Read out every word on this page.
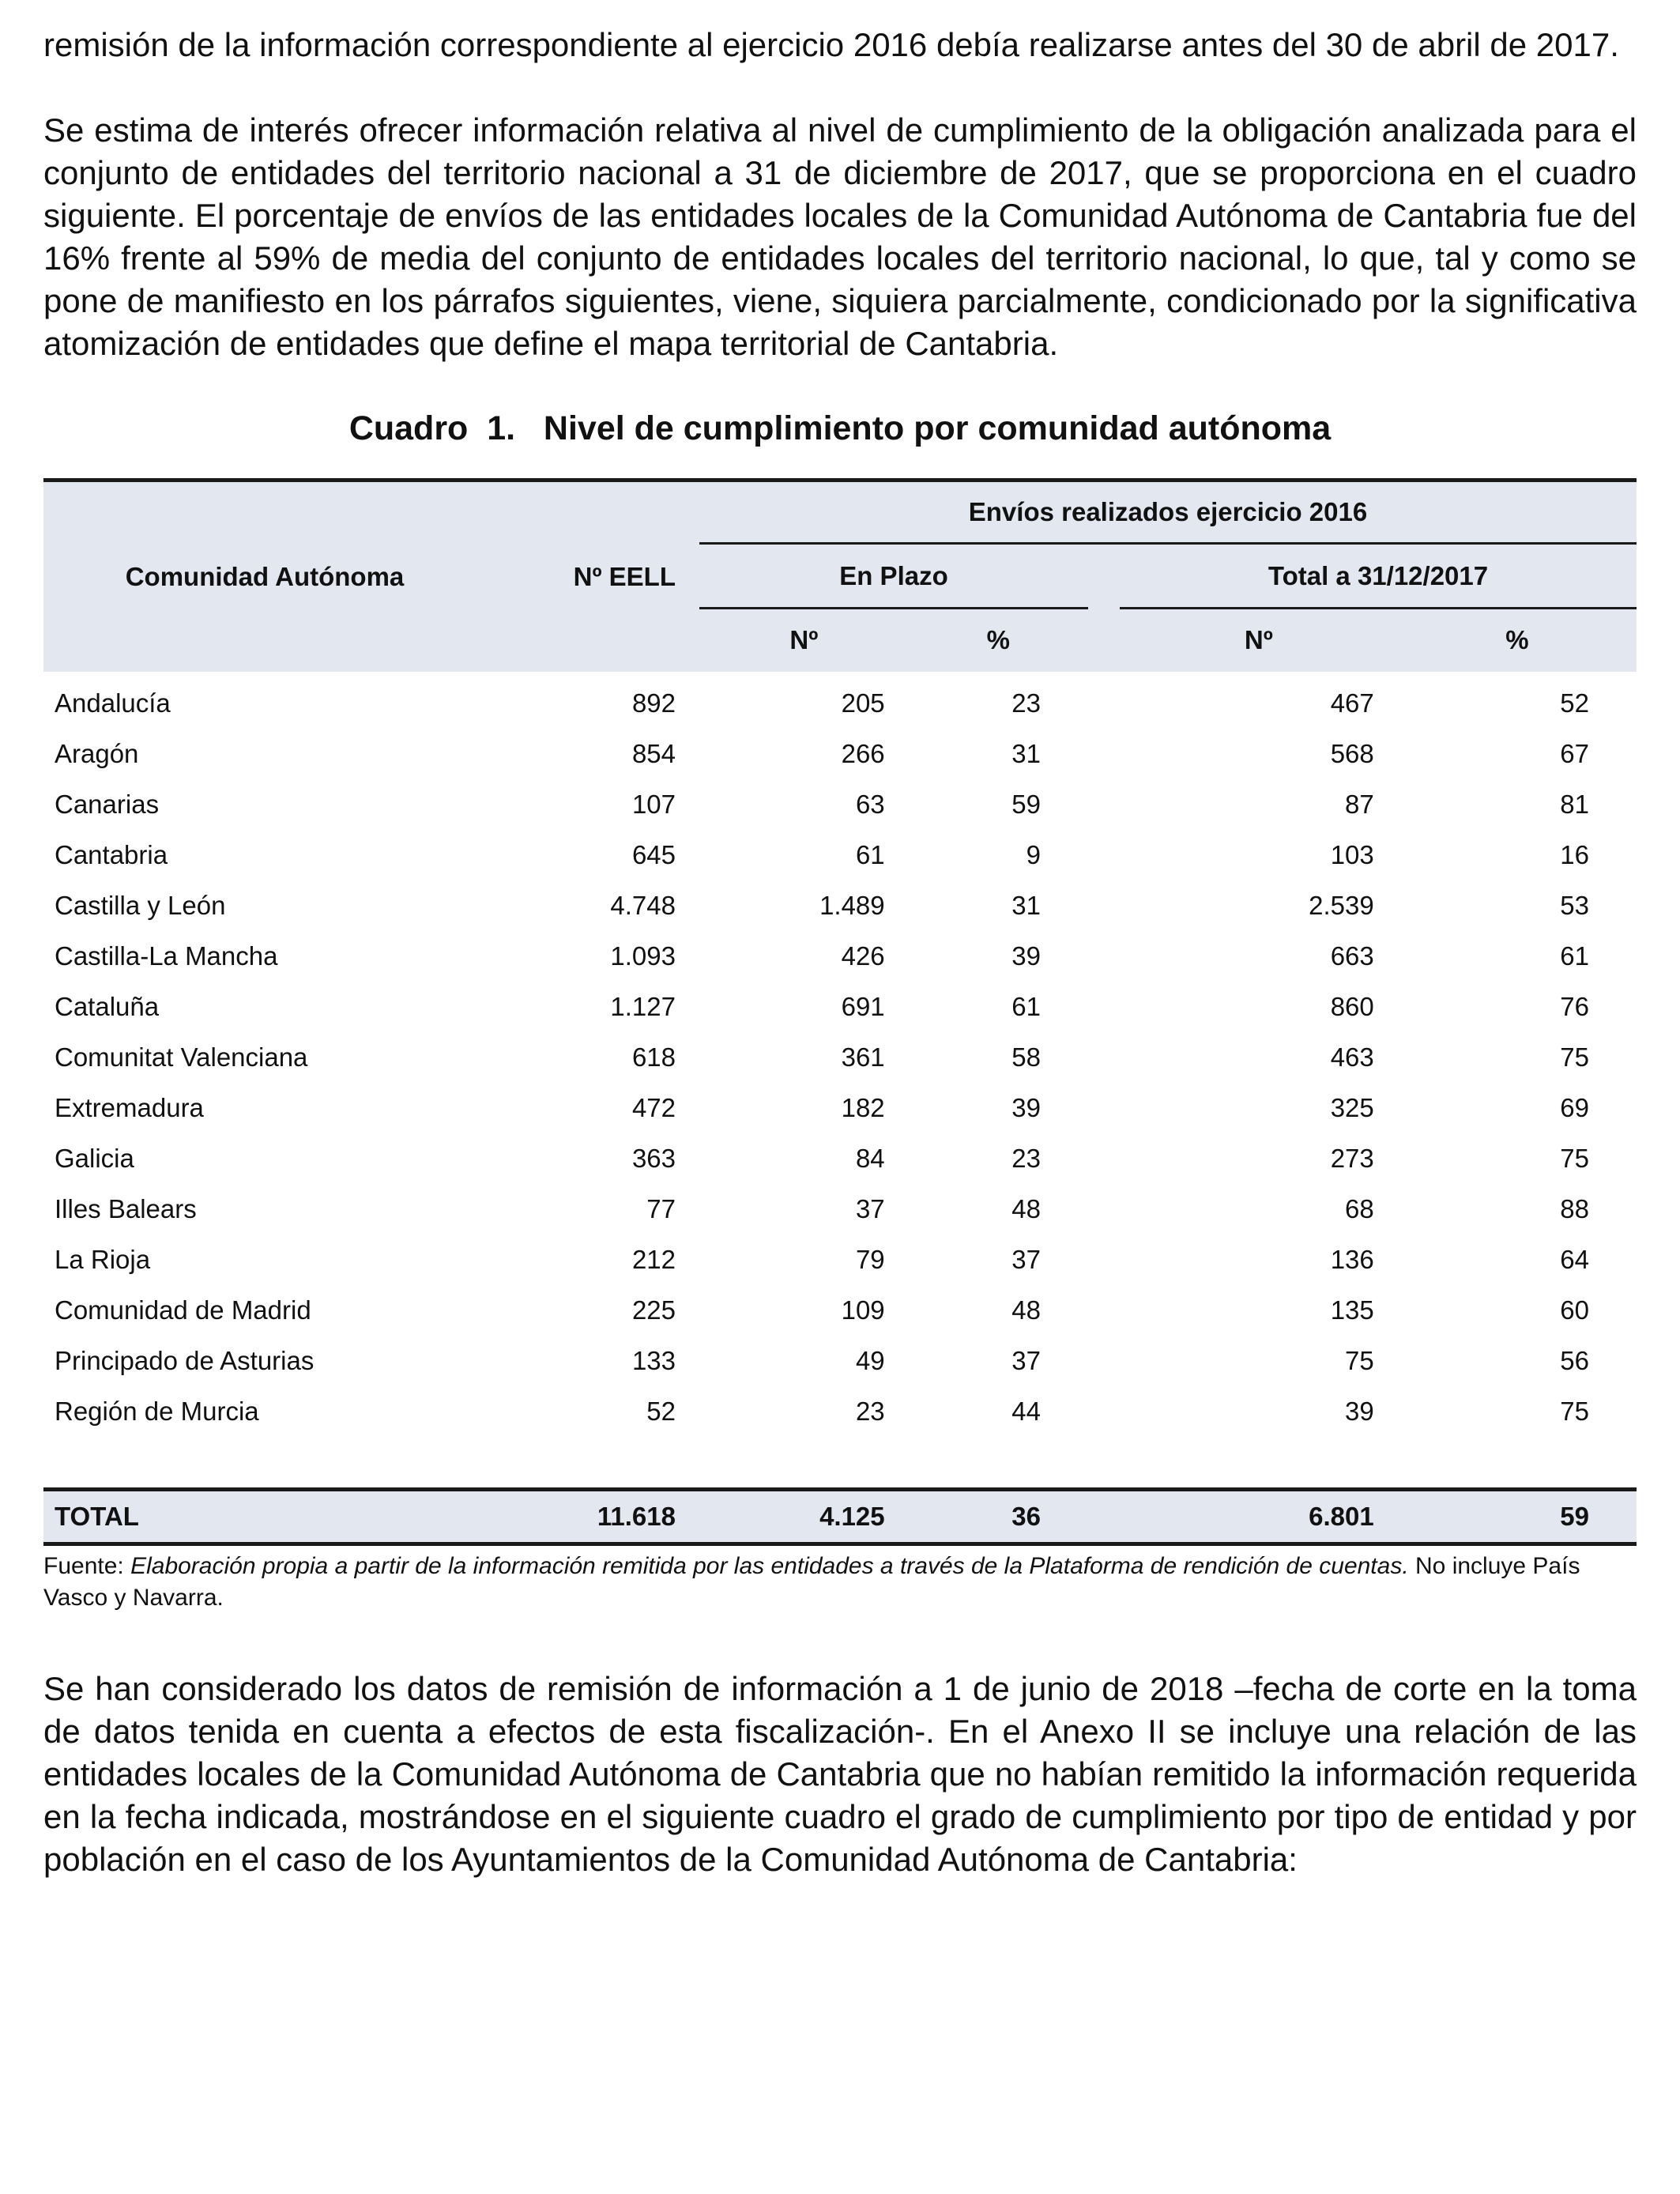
remisión de la información correspondiente al ejercicio 2016 debía realizarse antes del 30 de abril de 2017.

Se estima de interés ofrecer información relativa al nivel de cumplimiento de la obligación analizada para el conjunto de entidades del territorio nacional a 31 de diciembre de 2017, que se proporciona en el cuadro siguiente. El porcentaje de envíos de las entidades locales de la Comunidad Autónoma de Cantabria fue del 16% frente al 59% de media del conjunto de entidades locales del territorio nacional, lo que, tal y como se pone de manifiesto en los párrafos siguientes, viene, siquiera parcialmente, condicionado por la significativa atomización de entidades que define el mapa territorial de Cantabria.

Cuadro  1.   Nivel de cumplimiento por comunidad autónoma
Comunidad Autónoma	Nº EELL	Envíos realizados ejercicio 2016				
		En Plazo			Total a 31/12/2017	
		Nº	%		Nº	%
Andalucía	892	205	23		467	52
Aragón	854	266	31		568	67
Canarias	107	63	59		87	81
Cantabria	645	61	9		103	16
Castilla y León	4.748	1.489	31		2.539	53
Castilla-La Mancha	1.093	426	39		663	61
Cataluña	1.127	691	61		860	76
Comunitat Valenciana	618	361	58		463	75
Extremadura	472	182	39		325	69
Galicia	363	84	23		273	75
Illes Balears	77	37	48		68	88
La Rioja	212	79	37		136	64
Comunidad de Madrid	225	109	48		135	60
Principado de Asturias	133	49	37		75	56
Región de Murcia	52	23	44		39	75

TOTAL	11.618	4.125	36		6.801	59
Fuente: Elaboración propia a partir de la información remitida por las entidades a través de la Plataforma de rendición de cuentas. No incluye País Vasco y Navarra.

Se han considerado los datos de remisión de información a 1 de junio de 2018 –fecha de corte en la toma de datos tenida en cuenta a efectos de esta fiscalización-. En el Anexo II se incluye una relación de las entidades locales de la Comunidad Autónoma de Cantabria que no habían remitido la información requerida en la fecha indicada, mostrándose en el siguiente cuadro el grado de cumplimiento por tipo de entidad y por población en el caso de los Ayuntamientos de la Comunidad Autónoma de Cantabria:
